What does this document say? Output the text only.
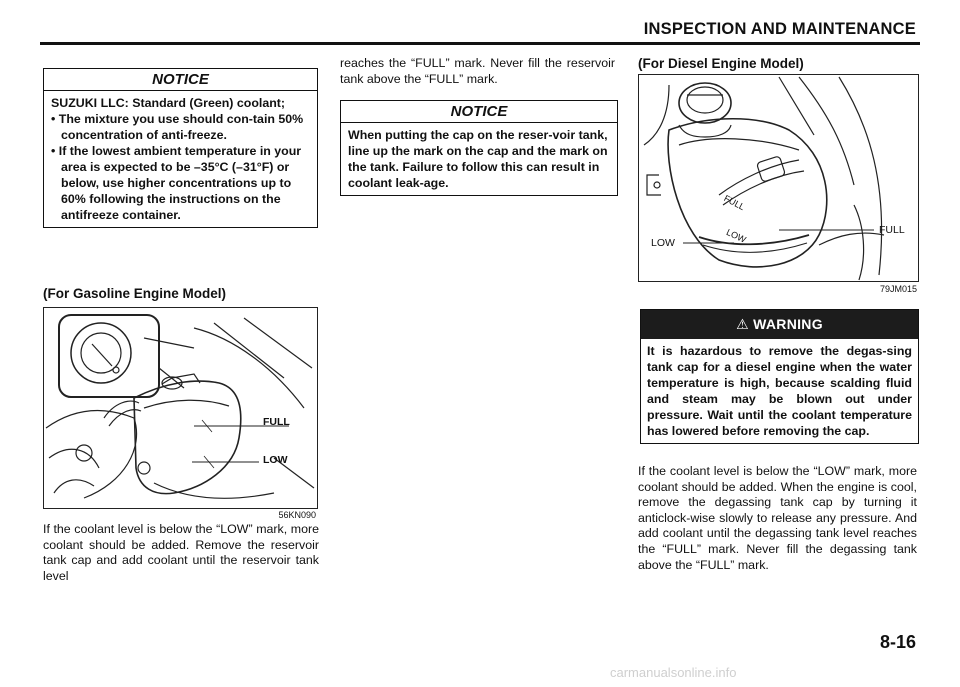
INSPECTION AND MAINTENANCE
NOTICE
SUZUKI LLC: Standard (Green) coolant;
• The mixture you use should con-tain 50% concentration of anti-freeze.
• If the lowest ambient temperature in your area is expected to be –35°C (–31°F) or below, use higher concentrations up to 60% following the instructions on the antifreeze container.
(For Gasoline Engine Model)
FULL
LOW
56KN090
If the coolant level is below the “LOW” mark, more coolant should be added. Remove the reservoir tank cap and add coolant until the reservoir tank level
reaches the “FULL” mark. Never fill the reservoir tank above the “FULL” mark.
NOTICE
When putting the cap on the reser-voir tank, line up the mark on the cap and the mark on the tank. Failure to follow this can result in coolant leak-age.
(For Diesel Engine Model)
FULL
LOW	FULL
LOW
79JM015
⚠ WARNING
It is hazardous to remove the degas-sing tank cap for a diesel engine when the water temperature is high, because scalding fluid and steam may be blown out under pressure. Wait until the coolant temperature has lowered before removing the cap.
If the coolant level is below the “LOW” mark, more coolant should be added. When the engine is cool, remove the degassing tank cap by turning it anticlock-wise slowly to release any pressure. And add coolant until the degassing tank level reaches the “FULL” mark. Never fill the degassing tank above the “FULL” mark.
8-16
carmanualsonline.info
